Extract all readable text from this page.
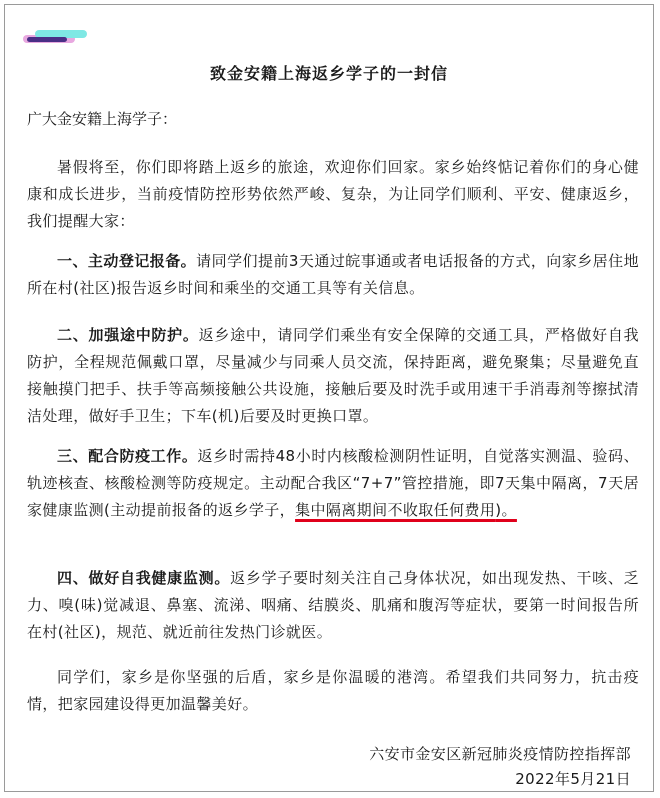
致金安籍上海返乡学子的一封信
广大金安籍上海学子：
暑假将至，你们即将踏上返乡的旅途，欢迎你们回家。家乡始终惦记着你们的身心健康和成长进步，当前疫情防控形势依然严峻、复杂，为让同学们顺利、平安、健康返乡，我们提醒大家：
一、主动登记报备。请同学们提前3天通过皖事通或者电话报备的方式，向家乡居住地所在村(社区)报告返乡时间和乘坐的交通工具等有关信息。
二、加强途中防护。返乡途中，请同学们乘坐有安全保障的交通工具，严格做好自我防护，全程规范佩戴口罩，尽量减少与同乘人员交流，保持距离，避免聚集；尽量避免直接触摸门把手、扶手等高频接触公共设施，接触后要及时洗手或用速干手消毒剂等擦拭清洁处理，做好手卫生；下车(机)后要及时更换口罩。
三、配合防疫工作。返乡时需持48小时内核酸检测阴性证明，自觉落实测温、验码、轨迹核查、核酸检测等防疫规定。主动配合我区“7+7”管控措施，即7天集中隔离，7天居家健康监测(主动提前报备的返乡学子，集中隔离期间不收取任何费用)。
四、做好自我健康监测。返乡学子要时刻关注自己身体状况，如出现发热、干咳、乏力、嗅(味)觉减退、鼻塞、流涕、咽痛、结膜炎、肌痛和腹泻等症状，要第一时间报告所在村(社区)，规范、就近前往发热门诊就医。
同学们，家乡是你坚强的后盾，家乡是你温暖的港湾。希望我们共同努力，抗击疫情，把家园建设得更加温馨美好。
六安市金安区新冠肺炎疫情防控指挥部
2022年5月21日
